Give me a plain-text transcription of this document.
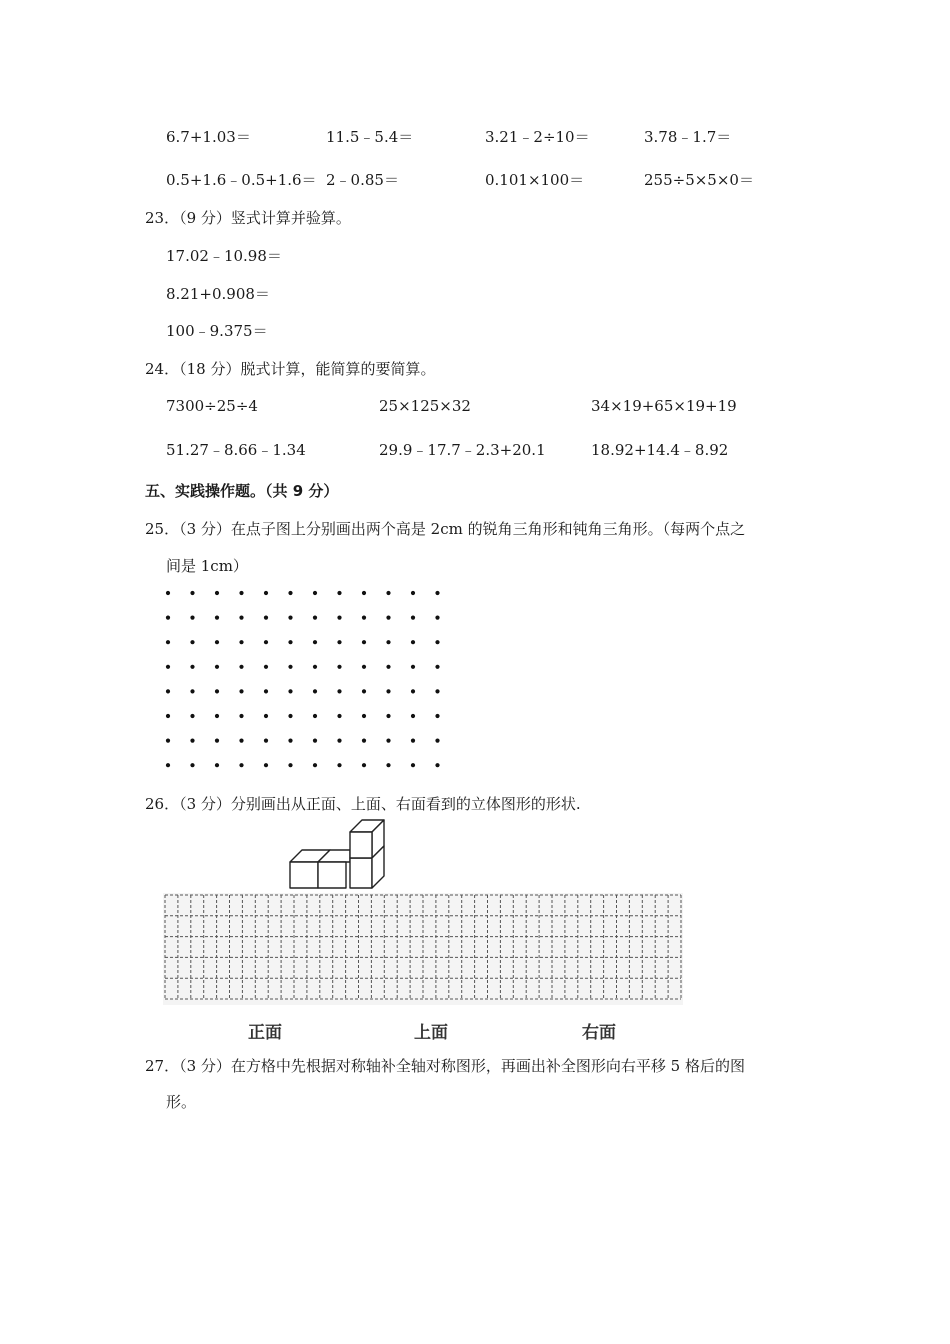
6.7+1.03＝	11.5﹣5.4＝	3.21﹣2÷10＝	3.78﹣1.7＝
0.5+1.6﹣0.5+1.6＝ 2﹣0.85＝	0.101×100＝	255÷5×5×0＝
23．（9 分）竖式计算并验算。
17.02﹣10.98＝
8.21+0.908＝
100﹣9.375＝
24．（18 分）脱式计算，能简算的要简算。
7300÷25÷4	25×125×32	34×19+65×19+19
51.27﹣8.66﹣1.34	29.9﹣17.7﹣2.3+20.1	18.92+14.4﹣8.92
五、实践操作题。（共 9 分）
25．（3 分）在点子图上分别画出两个高是 2cm 的锐角三角形和钝角三角形。（每两个点之
间是 1cm）
26．（3 分）分别画出从正面、上面、右面看到的立体图形的形状.
正面	上面	右面
27．（3 分）在方格中先根据对称轴补全轴对称图形，再画出补全图形向右平移 5 格后的图
形。
